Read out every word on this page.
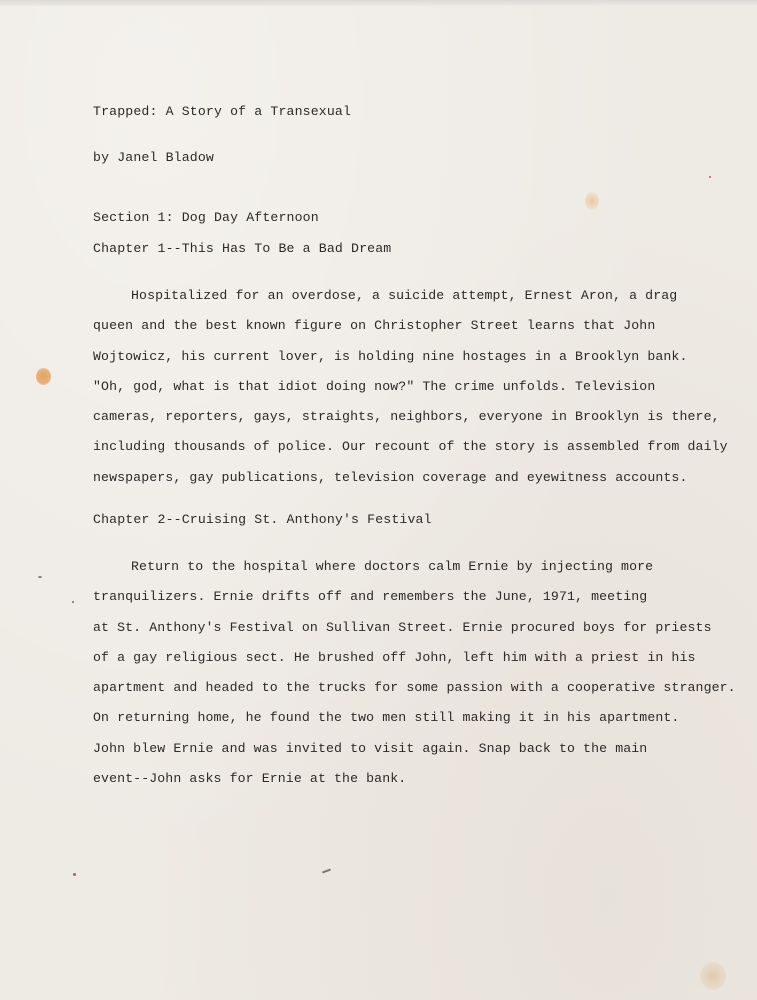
Trapped: A Story of a Transexual
by Janel Bladow
Section 1: Dog Day Afternoon
Chapter 1--This Has To Be a Bad Dream
Hospitalized for an overdose, a suicide attempt, Ernest Aron, a drag
queen and the best known figure on Christopher Street learns that John
Wojtowicz, his current lover, is holding nine hostages in a Brooklyn bank.
"Oh, god, what is that idiot doing now?" The crime unfolds. Television
cameras, reporters, gays, straights, neighbors, everyone in Brooklyn is there,
including thousands of police. Our recount of the story is assembled from daily
newspapers, gay publications, television coverage and eyewitness accounts.
Chapter 2--Cruising St. Anthony's Festival
Return to the hospital where doctors calm Ernie by injecting more
tranquilizers. Ernie drifts off and remembers the June, 1971, meeting
at St. Anthony's Festival on Sullivan Street. Ernie procured boys for priests
of a gay religious sect. He brushed off John, left him with a priest in his
apartment and headed to the trucks for some passion with a cooperative stranger.
On returning home, he found the two men still making it in his apartment.
John blew Ernie and was invited to visit again. Snap back to the main
event--John asks for Ernie at the bank.
